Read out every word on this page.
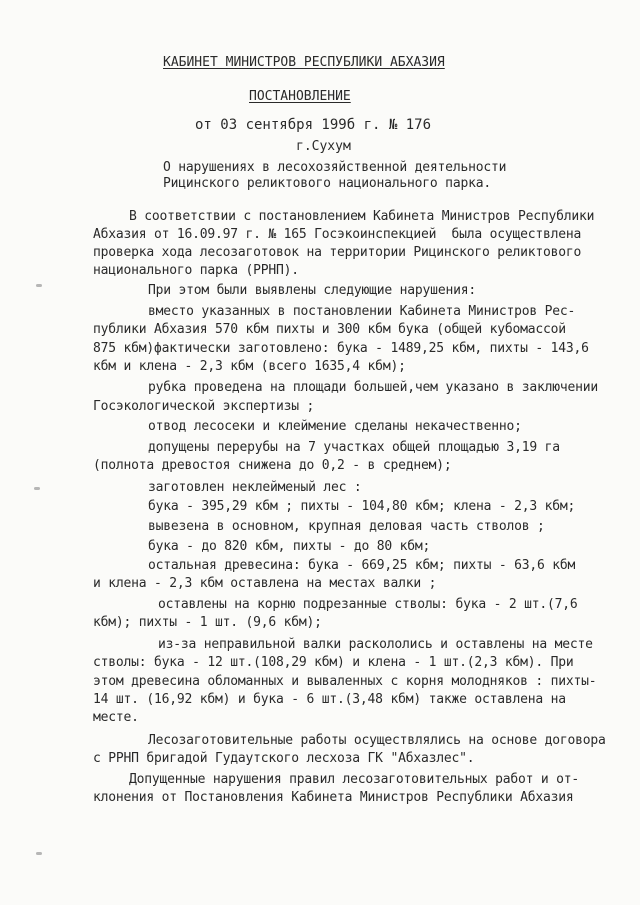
КАБИНЕТ МИНИСТРОВ РЕСПУБЛИКИ АБХАЗИЯ
ПОСТАНОВЛЕНИЕ
от 03 сентября 199б г. № 176
г.Сухум
О нарушениях в лесохозяйственной деятельности
Рицинского реликтового национального парка.
В соответствии с постановлением Кабинета Министров Республики
Абхазия от 16.09.97 г. № 165 Госэкоинспекцией  была осуществлена
проверка хода лесозаготовок на территории Рицинского реликтового
национального парка (РРНП).
При этом были выявлены следующие нарушения:
вместо указанных в постановлении Кабинета Министров Рес-
публики Абхазия 570 кбм пихты и 300 кбм бука (общей кубомассой
875 кбм)фактически заготовлено: бука - 1489,25 кбм, пихты - 143,6
кбм и клена - 2,3 кбм (всего 1635,4 кбм);
рубка проведена на площади большей,чем указано в заключении
Госэкологической экспертизы ;
отвод лесосеки и клеймение сделаны некачественно;
допущены перерубы на 7 участках общей площадью 3,19 га
(полнота древостоя снижена до 0,2 - в среднем);
заготовлен неклейменый лес :
бука - 395,29 кбм ; пихты - 104,80 кбм; клена - 2,3 кбм;
вывезена в основном, крупная деловая часть стволов ;
бука - до 820 кбм, пихты - до 80 кбм;
остальная древесина: бука - 669,25 кбм; пихты - 63,6 кбм
и клена - 2,3 кбм оставлена на местах валки ;
оставлены на корню подрезанные стволы: бука - 2 шт.(7,6
кбм); пихты - 1 шт. (9,6 кбм);
из-за неправильной валки раскололись и оставлены на месте
стволы: бука - 12 шт.(108,29 кбм) и клена - 1 шт.(2,3 кбм). При
этом древесина обломанных и вываленных с корня молодняков : пихты-
14 шт. (16,92 кбм) и бука - 6 шт.(3,48 кбм) также оставлена на
месте.
Лесозаготовительные работы осуществлялись на основе договора
с РРНП бригадой Гудаутского лесхоза ГК "Абхазлес".
Допущенные нарушения правил лесозаготовительных работ и от-
клонения от Постановления Кабинета Министров Республики Абхазия
